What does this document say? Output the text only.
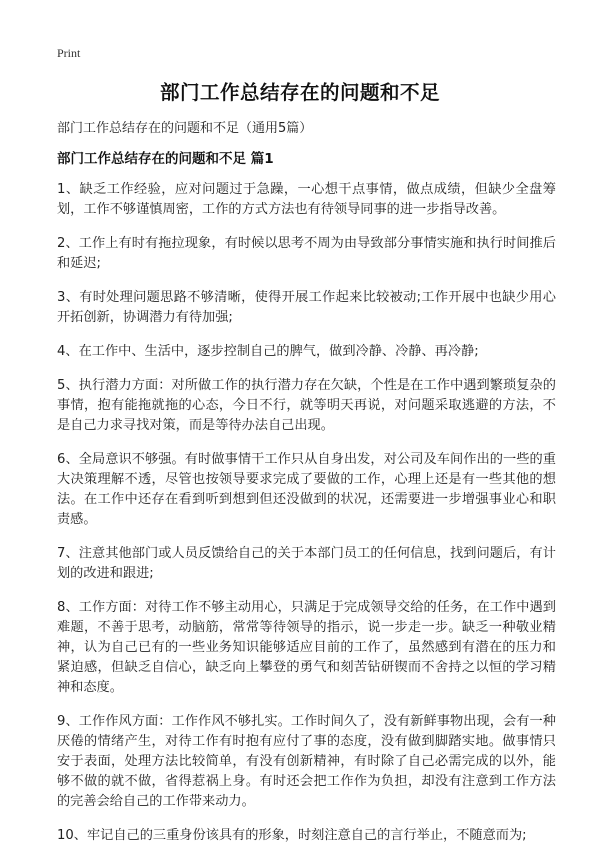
Print
部门工作总结存在的问题和不足
部门工作总结存在的问题和不足（通用5篇）
部门工作总结存在的问题和不足 篇1

1、缺乏工作经验，应对问题过于急躁，一心想干点事情，做点成绩，但缺少全盘筹划，工作不够谨慎周密，工作的方式方法也有待领导同事的进一步指导改善。

2、工作上有时有拖拉现象，有时候以思考不周为由导致部分事情实施和执行时间推后和延迟;

3、有时处理问题思路不够清晰，使得开展工作起来比较被动;工作开展中也缺少用心开拓创新，协调潜力有待加强;

4、在工作中、生活中，逐步控制自己的脾气，做到冷静、冷静、再冷静;

5、执行潜力方面：对所做工作的执行潜力存在欠缺，个性是在工作中遇到繁琐复杂的事情，抱有能拖就拖的心态，今日不行，就等明天再说，对问题采取逃避的方法，不是自己力求寻找对策，而是等待办法自己出现。

6、全局意识不够强。有时做事情干工作只从自身出发，对公司及车间作出的一些的重大决策理解不透，尽管也按领导要求完成了要做的工作，心理上还是有一些其他的想法。在工作中还存在看到听到想到但还没做到的状况，还需要进一步增强事业心和职责感。

7、注意其他部门或人员反馈给自己的关于本部门员工的任何信息，找到问题后，有计划的改进和跟进;

8、工作方面：对待工作不够主动用心，只满足于完成领导交给的任务，在工作中遇到难题，不善于思考，动脑筋，常常等待领导的指示，说一步走一步。缺乏一种敬业精神，认为自己已有的一些业务知识能够适应目前的工作了，虽然感到有潜在的压力和紧迫感，但缺乏自信心，缺乏向上攀登的勇气和刻苦钻研锲而不舍持之以恒的学习精神和态度。

9、工作作风方面：工作作风不够扎实。工作时间久了，没有新鲜事物出现，会有一种厌倦的情绪产生，对待工作有时抱有应付了事的态度，没有做到脚踏实地。做事情只安于表面，处理方法比较简单，有没有创新精神，有时除了自己必需完成的以外，能够不做的就不做，省得惹祸上身。有时还会把工作作为负担，却没有注意到工作方法的完善会给自己的工作带来动力。

10、牢记自己的三重身份该具有的形象，时刻注意自己的言行举止，不随意而为;
